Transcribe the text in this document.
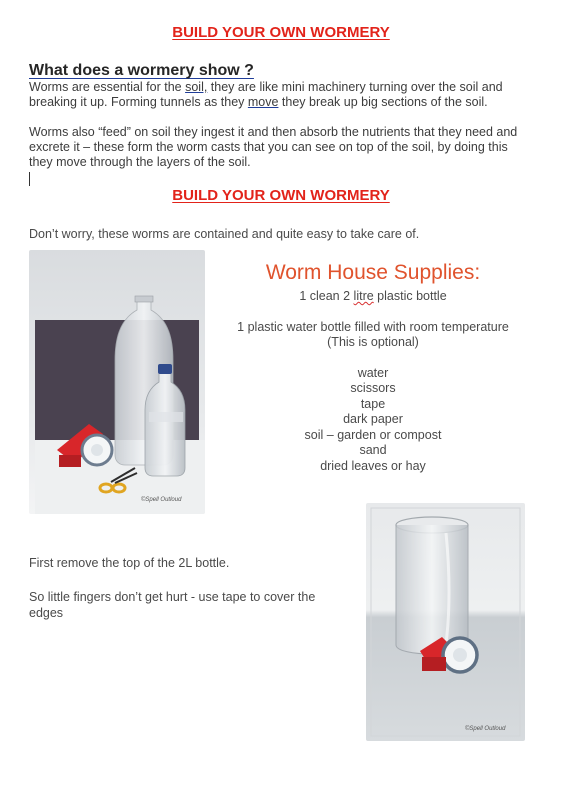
BUILD YOUR OWN WORMERY
What does a wormery show ?
Worms are essential for the soil, they are like mini machinery turning over the soil and breaking it up. Forming tunnels as they move they break up big sections of the soil.
Worms also “feed” on soil they ingest it and then absorb the nutrients that they need and excrete it – these form the worm casts that you can see on top of the soil, by doing this they move through the layers of the soil.
BUILD YOUR OWN WORMERY
Don’t worry, these worms are contained and quite easy to take care of.
©Spell Outloud
Worm House Supplies:
1 clean 2 litre plastic bottle
1 plastic water bottle filled with room temperature
(This is optional)
water
scissors
tape
dark paper
soil – garden or compost
sand
dried leaves or hay
First remove the top of the 2L bottle.
So little fingers don’t get hurt - use tape to cover the
edges
©Spell Outloud
